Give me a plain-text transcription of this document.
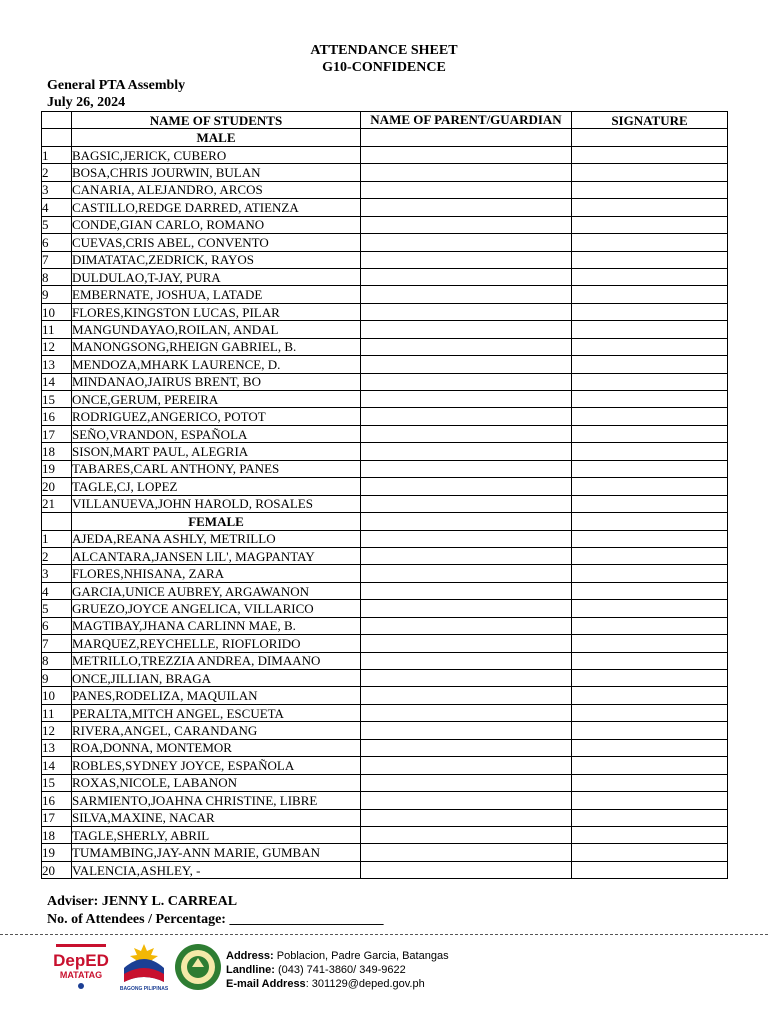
ATTENDANCE SHEET
G10-CONFIDENCE
General PTA Assembly
July 26, 2024
	NAME OF STUDENTS	NAME OF PARENT/GUARDIAN	SIGNATURE
	MALE		
1	BAGSIC,JERICK, CUBERO		
2	BOSA,CHRIS JOURWIN, BULAN		
3	CANARIA, ALEJANDRO, ARCOS		
4	CASTILLO,REDGE DARRED, ATIENZA		
5	CONDE,GIAN CARLO, ROMANO		
6	CUEVAS,CRIS ABEL, CONVENTO		
7	DIMATATAC,ZEDRICK, RAYOS		
8	DULDULAO,T-JAY, PURA		
9	EMBERNATE, JOSHUA, LATADE		
10	FLORES,KINGSTON LUCAS, PILAR		
11	MANGUNDAYAO,ROILAN, ANDAL		
12	MANONGSONG,RHEIGN GABRIEL, B.		
13	MENDOZA,MHARK LAURENCE, D.		
14	MINDANAO,JAIRUS BRENT, BO		
15	ONCE,GERUM, PEREIRA		
16	RODRIGUEZ,ANGERICO, POTOT		
17	SEÑO,VRANDON, ESPAÑOLA		
18	SISON,MART PAUL, ALEGRIA		
19	TABARES,CARL ANTHONY, PANES		
20	TAGLE,CJ, LOPEZ		
21	VILLANUEVA,JOHN HAROLD, ROSALES		
	FEMALE		
1	AJEDA,REANA ASHLY, METRILLO		
2	ALCANTARA,JANSEN LIL', MAGPANTAY		
3	FLORES,NHISANA, ZARA		
4	GARCIA,UNICE AUBREY, ARGAWANON		
5	GRUEZO,JOYCE ANGELICA, VILLARICO		
6	MAGTIBAY,JHANA CARLINN MAE, B.		
7	MARQUEZ,REYCHELLE, RIOFLORIDO		
8	METRILLO,TREZZIA ANDREA, DIMAANO		
9	ONCE,JILLIAN, BRAGA		
10	PANES,RODELIZA, MAQUILAN		
11	PERALTA,MITCH ANGEL, ESCUETA		
12	RIVERA,ANGEL, CARANDANG		
13	ROA,DONNA, MONTEMOR		
14	ROBLES,SYDNEY JOYCE, ESPAÑOLA		
15	ROXAS,NICOLE, LABANON		
16	SARMIENTO,JOAHNA CHRISTINE, LIBRE		
17	SILVA,MAXINE, NACAR		
18	TAGLE,SHERLY, ABRIL		
19	TUMAMBING,JAY-ANN MARIE, GUMBAN		
20	VALENCIA,ASHLEY, -		
Adviser: JENNY L. CARREAL
No. of Attendees / Percentage: ______________________
DepED
MATATAG
BAGONG PILIPINAS
Address: Poblacion, Padre Garcia, Batangas
Landline: (043) 741-3860/ 349-9622
E-mail Address: 301129@deped.gov.ph
